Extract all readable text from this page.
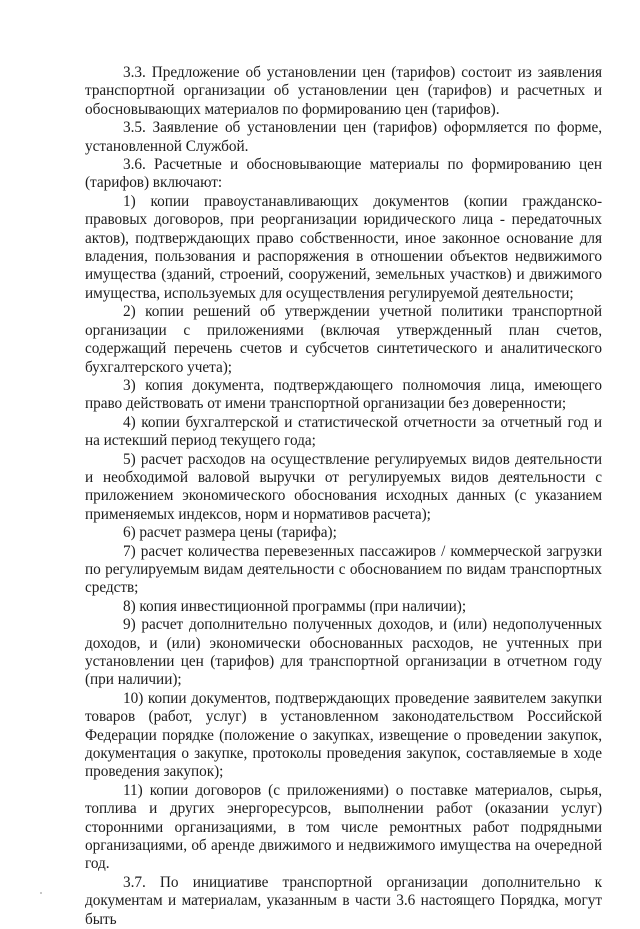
3.3. Предложение об установлении цен (тарифов) состоит из заявления транспортной организации об установлении цен (тарифов) и расчетных и обосновывающих материалов по формированию цен (тарифов).

3.5. Заявление об установлении цен (тарифов) оформляется по форме, установленной Службой.

3.6. Расчетные и обосновывающие материалы по формированию цен (тарифов) включают:

1) копии правоустанавливающих документов (копии гражданско-правовых договоров, при реорганизации юридического лица - передаточных актов), подтверждающих право собственности, иное законное основание для владения, пользования и распоряжения в отношении объектов недвижимого имущества (зданий, строений, сооружений, земельных участков) и движимого имущества, используемых для осуществления регулируемой деятельности;

2) копии решений об утверждении учетной политики транспортной организации с приложениями (включая утвержденный план счетов, содержащий перечень счетов и субсчетов синтетического и аналитического бухгалтерского учета);

3) копия документа, подтверждающего полномочия лица, имеющего право действовать от имени транспортной организации без доверенности;

4) копии бухгалтерской и статистической отчетности за отчетный год и на истекший период текущего года;

5) расчет расходов на осуществление регулируемых видов деятельности и необходимой валовой выручки от регулируемых видов деятельности с приложением экономического обоснования исходных данных (с указанием применяемых индексов, норм и нормативов расчета);

6) расчет размера цены (тарифа);

7) расчет количества перевезенных пассажиров / коммерческой загрузки по регулируемым видам деятельности с обоснованием по видам транспортных средств;

8) копия инвестиционной программы (при наличии);

9) расчет дополнительно полученных доходов, и (или) недополученных доходов, и (или) экономически обоснованных расходов, не учтенных при установлении цен (тарифов) для транспортной организации в отчетном году (при наличии);

10) копии документов, подтверждающих проведение заявителем закупки товаров (работ, услуг) в установленном законодательством Российской Федерации порядке (положение о закупках, извещение о проведении закупок, документация о закупке, протоколы проведения закупок, составляемые в ходе проведения закупок);

11) копии договоров (с приложениями) о поставке материалов, сырья, топлива и других энергоресурсов, выполнении работ (оказании услуг) сторонними организациями, в том числе ремонтных работ подрядными организациями, об аренде движимого и недвижимого имущества на очередной год.

3.7. По инициативе транспортной организации дополнительно к документам и материалам, указанным в части 3.6 настоящего Порядка, могут быть
